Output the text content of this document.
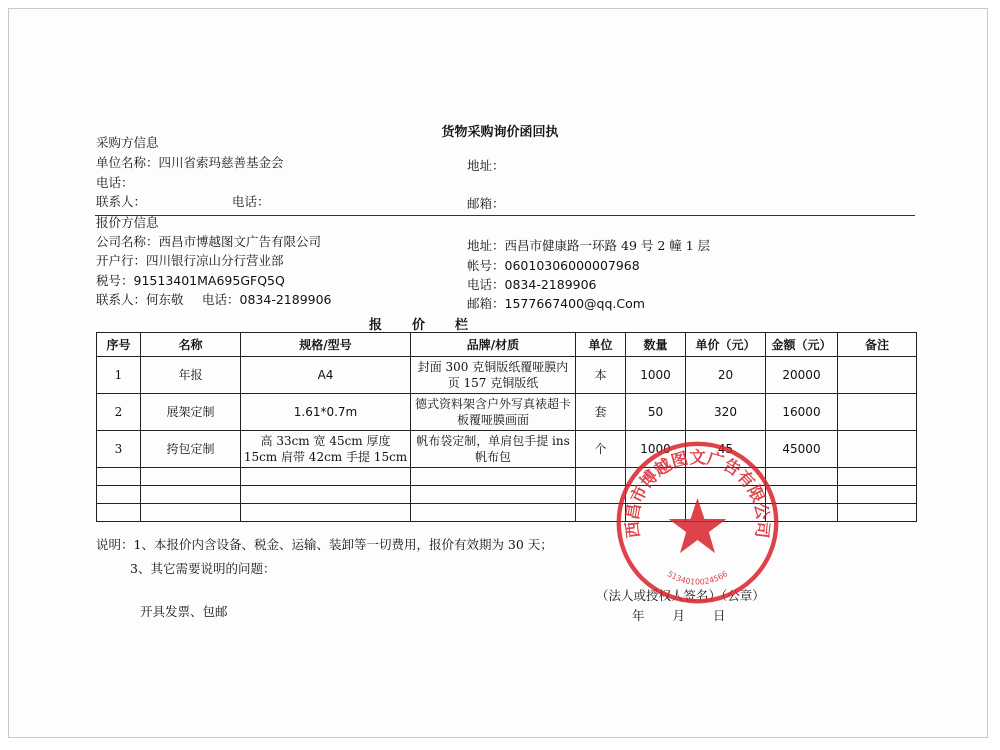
货物采购询价函回执
采购方信息
单位名称：四川省索玛慈善基金会	地址：
电话：
联系人：	电话：	邮箱：
报价方信息
公司名称：西昌市博越图文广告有限公司	地址：西昌市健康路一环路 49 号 2 幢 1 层
开户行：四川银行凉山分行营业部	帐号：06010306000007968
税号：91513401MA695GFQ5Q	电话：0834-2189906
联系人：何东敬 电话：0834-2189906	邮箱：1577667400@qq.Com
报 价 栏
序号	名称	规格/型号	品牌/材质	单位	数量	单价（元）	金额（元）	备注
1	年报	A4	封面 300 克铜版纸覆哑膜内页 157 克铜版纸	本	1000	20	20000	
2	展架定制	1.61*0.7m	德式资料架含户外写真裱超卡板覆哑膜画面	套	50	320	16000	
3	挎包定制	高 33cm 宽 45cm 厚度 15cm 肩带 42cm 手提 15cm	帆布袋定制，单肩包手提 ins 帆布包	个	1000	45	45000	

说明：1、本报价内含设备、税金、运输、装卸等一切费用，报价有效期为 30 天；
3、其它需要说明的问题：
开具发票、包邮
（法人或授权人签名）（公章）
年 月 日
西昌市博越图文广告有限公司
5134010024566
